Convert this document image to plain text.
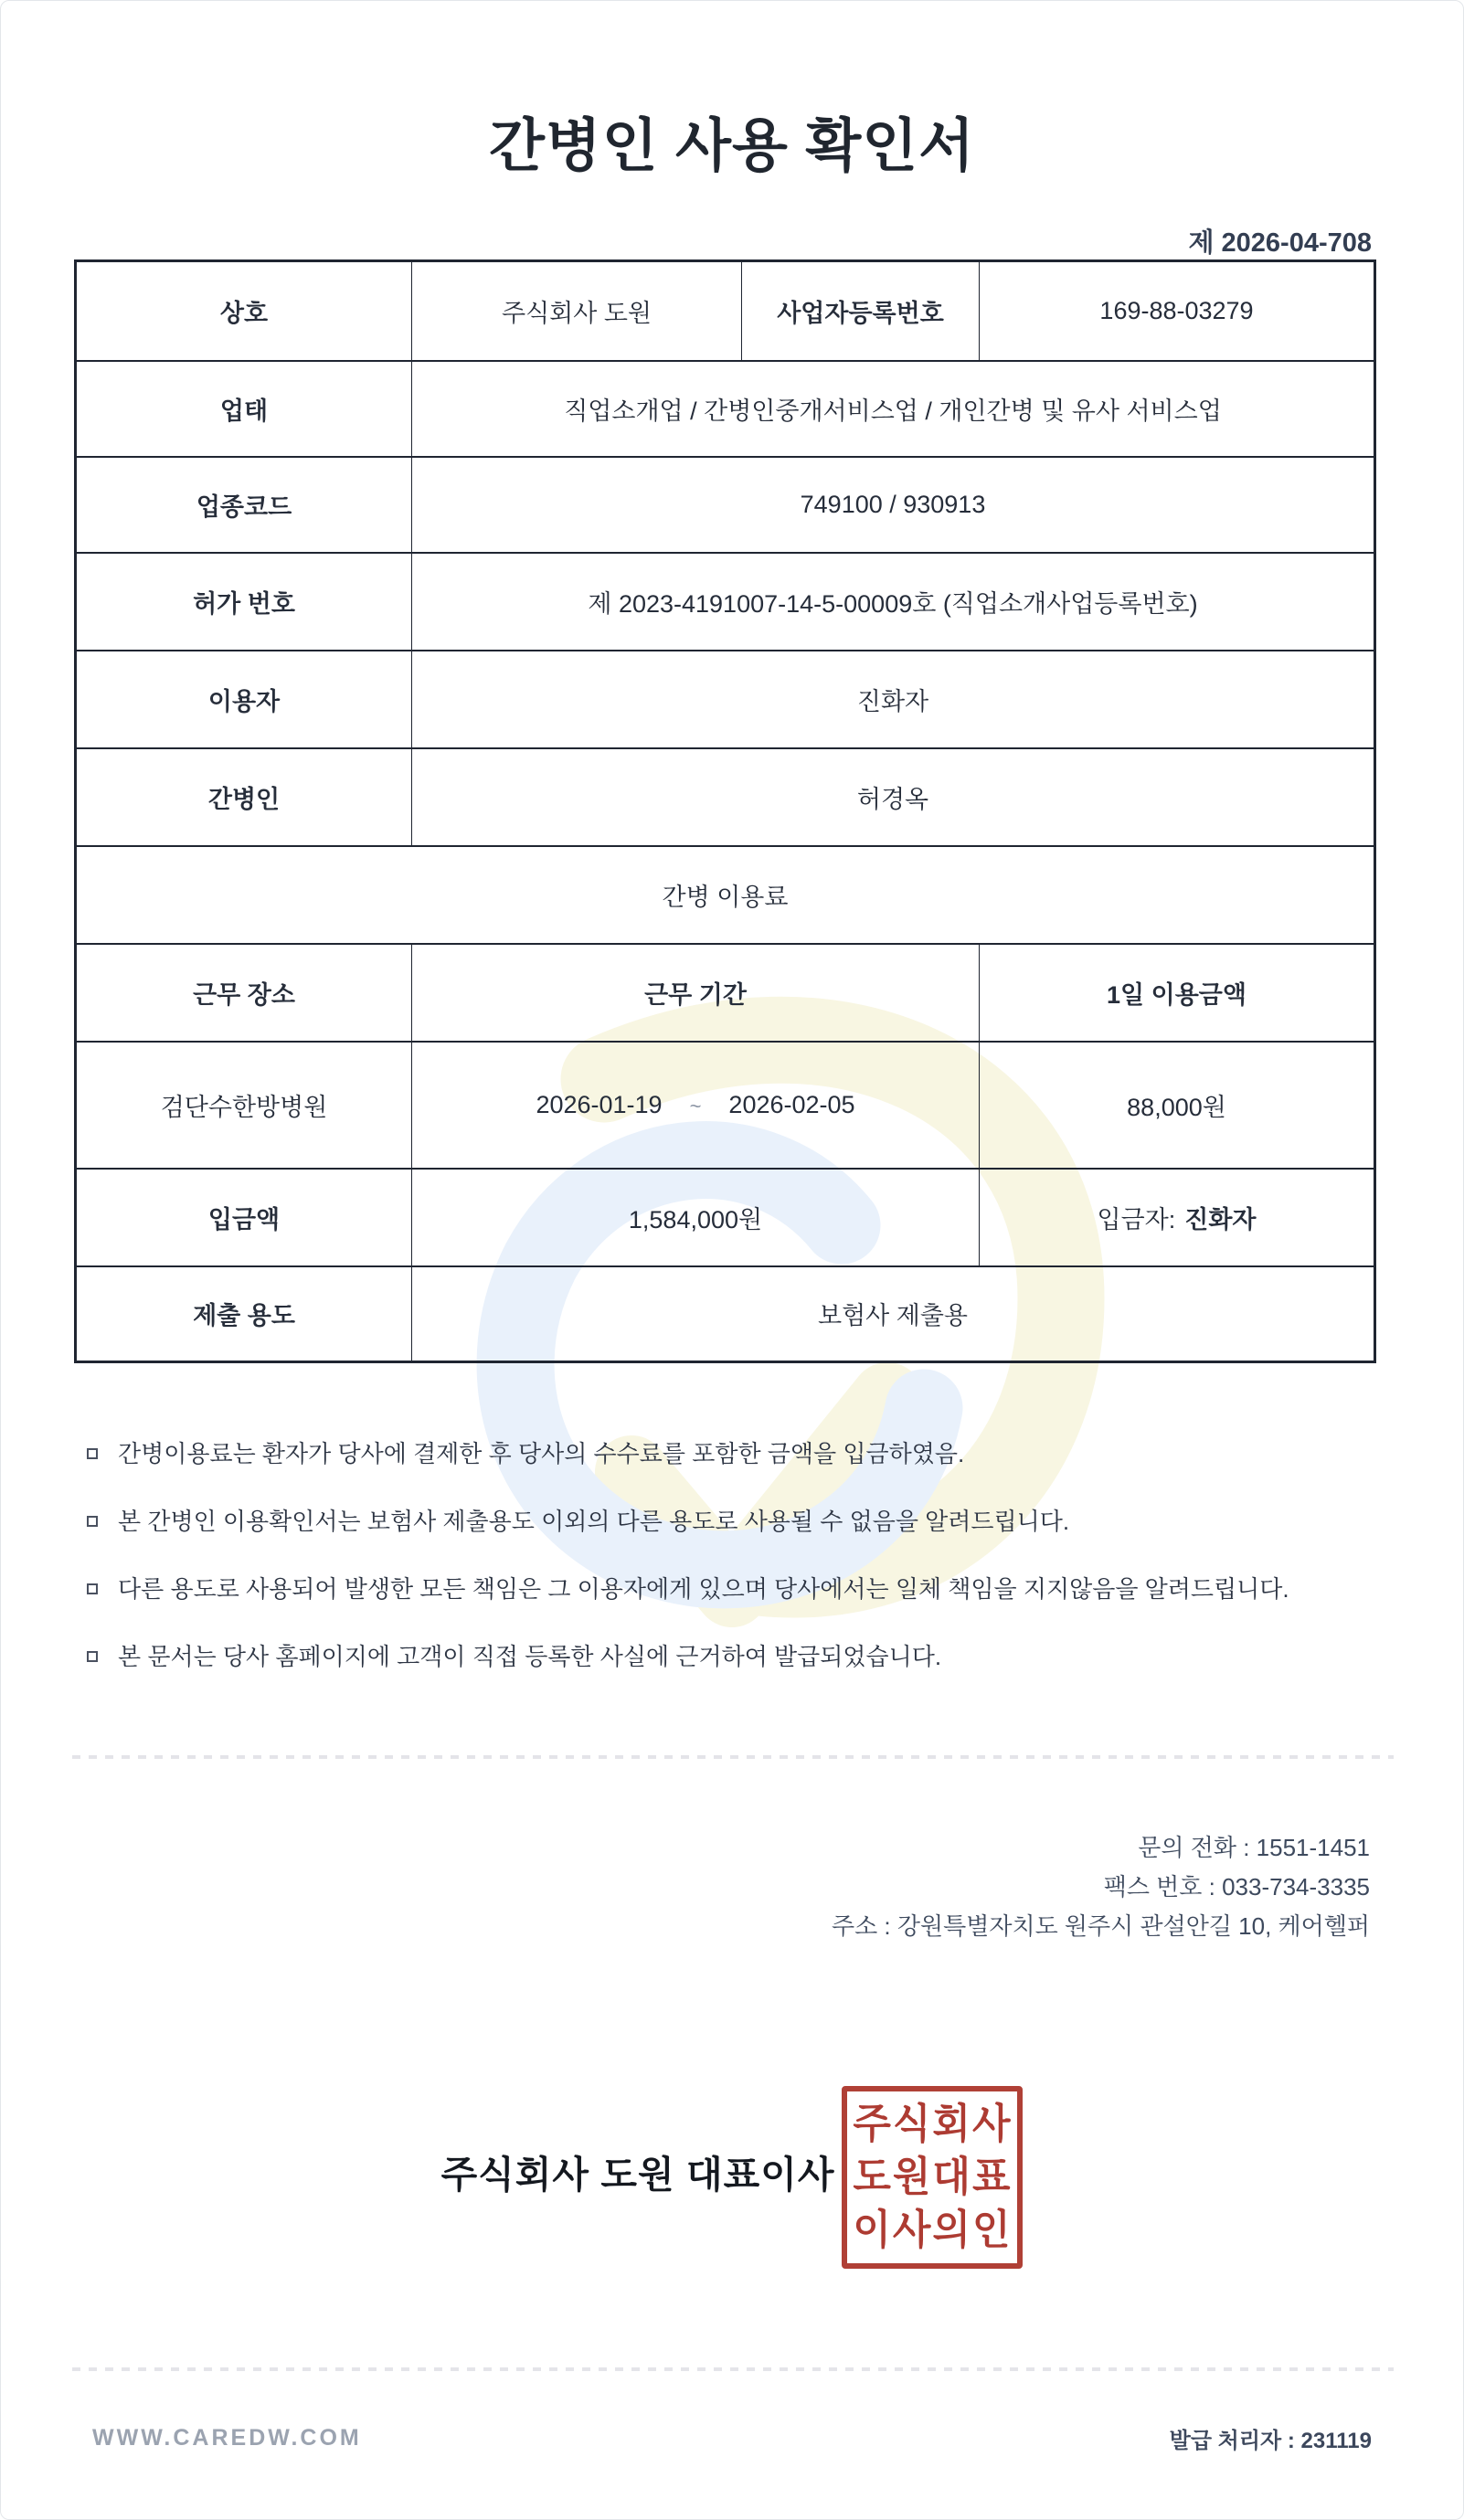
간병인 사용 확인서
제 2026-04-708
상호	주식회사 도원	사업자등록번호	169-88-03279
업태	직업소개업 / 간병인중개서비스업 / 개인간병 및 유사 서비스업		
업종코드	749100 / 930913		
허가 번호	제 2023-4191007-14-5-00009호 (직업소개사업등록번호)		
이용자	진화자		
간병인	허경옥		
간병 이용료			
근무 장소	근무 기간		1일 이용금액
검단수한방병원	2026-01-19 ~ 2026-02-05		88,000원
입금액	1,584,000원		입금자: 진화자
제출 용도	보험사 제출용		
간병이용료는 환자가 당사에 결제한 후 당사의 수수료를 포함한 금액을 입금하였음.
본 간병인 이용확인서는 보험사 제출용도 이외의 다른 용도로 사용될 수 없음을 알려드립니다.
다른 용도로 사용되어 발생한 모든 책임은 그 이용자에게 있으며 당사에서는 일체 책임을 지지않음을 알려드립니다.
본 문서는 당사 홈페이지에 고객이 직접 등록한 사실에 근거하여 발급되었습니다.
문의 전화 : 1551-1451
팩스 번호 : 033-734-3335
주소 : 강원특별자치도 원주시 관설안길 10, 케어헬퍼
주식회사 도원 대표이사
주식회사
도원대표
이사의인
WWW.CAREDW.COM	발급 처리자 : 231119
